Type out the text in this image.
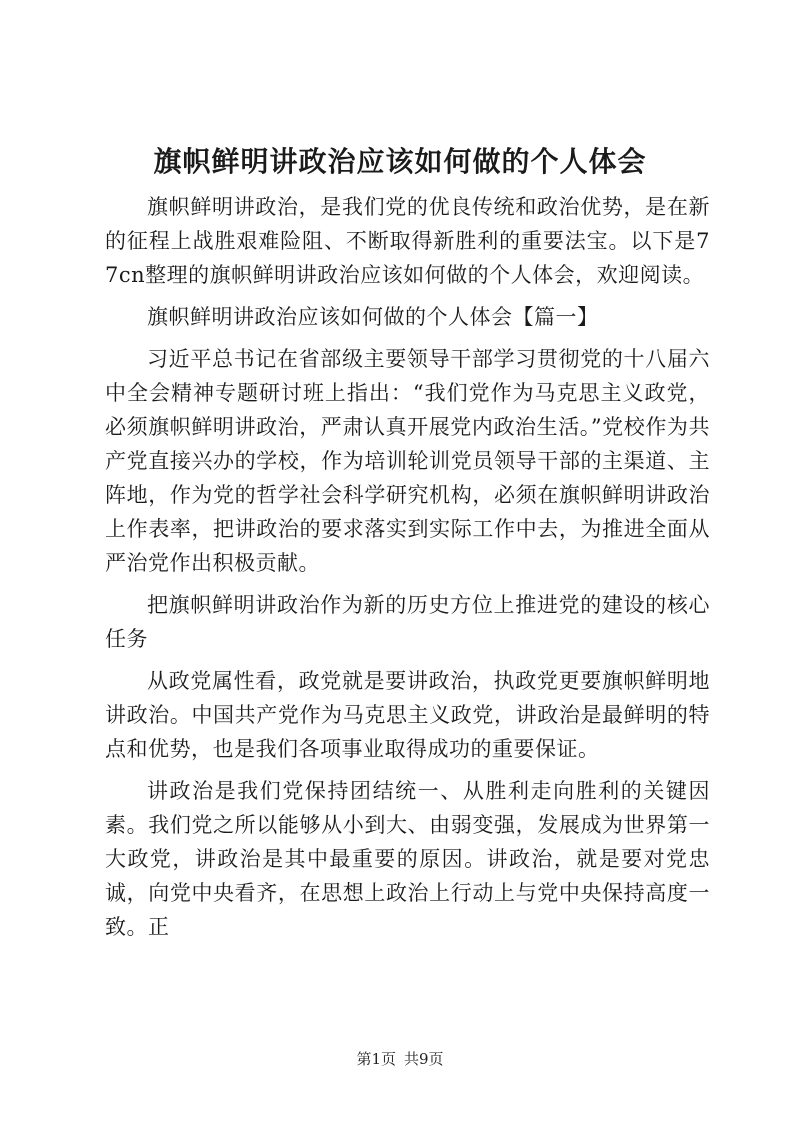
旗帜鲜明讲政治应该如何做的个人体会

旗帜鲜明讲政治，是我们党的优良传统和政治优势，是在新的征程上战胜艰难险阻、不断取得新胜利的重要法宝。以下是77cn整理的旗帜鲜明讲政治应该如何做的个人体会，欢迎阅读。

旗帜鲜明讲政治应该如何做的个人体会【篇一】

习近平总书记在省部级主要领导干部学习贯彻党的十八届六中全会精神专题研讨班上指出：“我们党作为马克思主义政党，必须旗帜鲜明讲政治，严肃认真开展党内政治生活。”党校作为共产党直接兴办的学校，作为培训轮训党员领导干部的主渠道、主阵地，作为党的哲学社会科学研究机构，必须在旗帜鲜明讲政治上作表率，把讲政治的要求落实到实际工作中去，为推进全面从严治党作出积极贡献。

把旗帜鲜明讲政治作为新的历史方位上推进党的建设的核心任务

从政党属性看，政党就是要讲政治，执政党更要旗帜鲜明地讲政治。中国共产党作为马克思主义政党，讲政治是最鲜明的特点和优势，也是我们各项事业取得成功的重要保证。

讲政治是我们党保持团结统一、从胜利走向胜利的关键因素。我们党之所以能够从小到大、由弱变强，发展成为世界第一大政党，讲政治是其中最重要的原因。讲政治，就是要对党忠诚，向党中央看齐，在思想上政治上行动上与党中央保持高度一致。正

第1页 共9页
